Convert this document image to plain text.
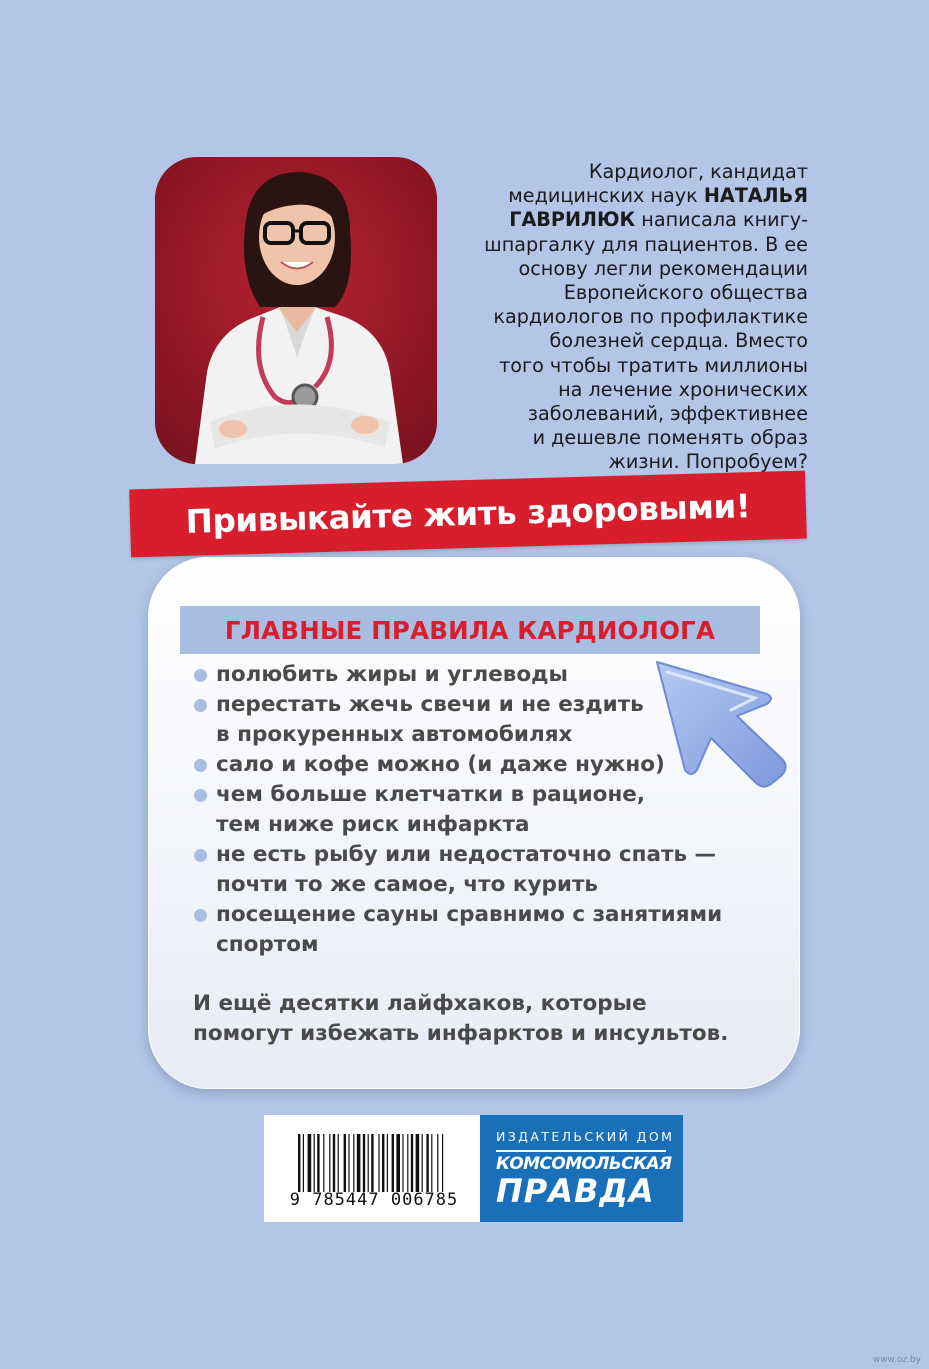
Кардиолог, кандидат
медицинских наук НАТАЛЬЯ
ГАВРИЛЮК написала книгу-
шпаргалку для пациентов. В ее
основу легли рекомендации
Европейского общества
кардиологов по профилактике
болезней сердца. Вместо
того чтобы тратить миллионы
на лечение хронических
заболеваний, эффективнее
и дешевле поменять образ
жизни. Попробуем?
Привыкайте жить здоровыми!
ГЛАВНЫЕ ПРАВИЛА КАРДИОЛОГА
полюбить жиры и углеводы
перестать жечь свечи и не ездить
в прокуренных автомобилях
сало и кофе можно (и даже нужно)
чем больше клетчатки в рационе,
тем ниже риск инфаркта
не есть рыбу или недостаточно спать —
почти то же самое, что курить
посещение сауны сравнимо с занятиями
спортом
И ещё десятки лайфхаков, которые
помогут избежать инфарктов и инсультов.
9 785447 006785
ИЗДАТЕЛЬСКИЙ ДОМ
КОМСОМОЛЬСКАЯ
ПРАВДА
www.oz.by
